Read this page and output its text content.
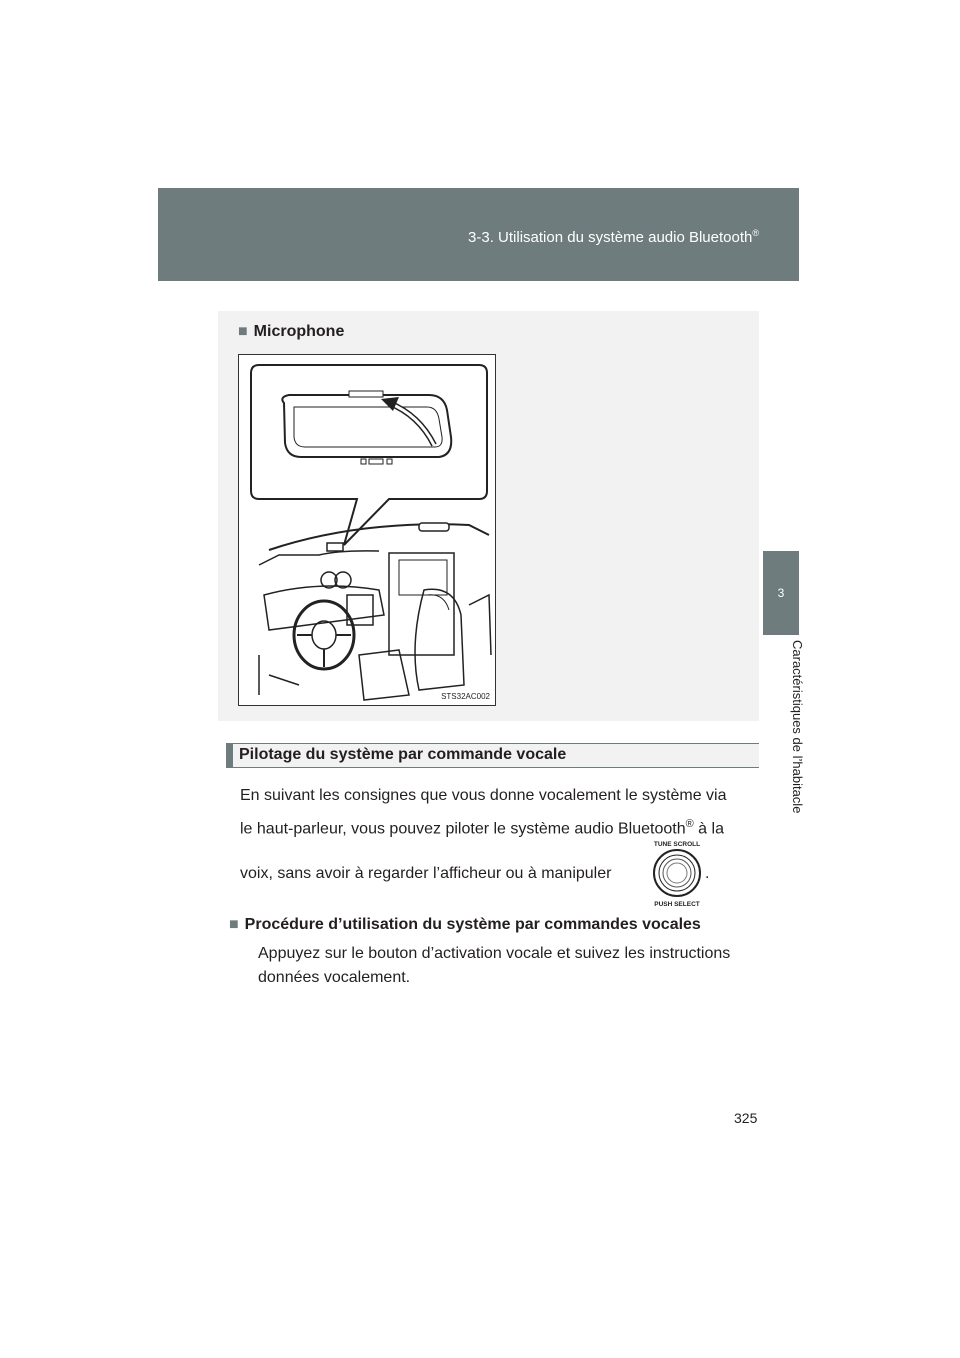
3-3. Utilisation du système audio Bluetooth®
3
Caractéristiques de l’habitacle
■ Microphone
STS32AC002
Pilotage du système par commande vocale
En suivant les consignes que vous donne vocalement le système via
le haut-parleur, vous pouvez piloter le système audio Bluetooth® à la
voix, sans avoir à regarder l’afficheur ou à manipuler	.
TUNE SCROLL
PUSH SELECT
■ Procédure d’utilisation du système par commandes vocales
Appuyez sur le bouton d’activation vocale et suivez les instructions
données vocalement.
325
